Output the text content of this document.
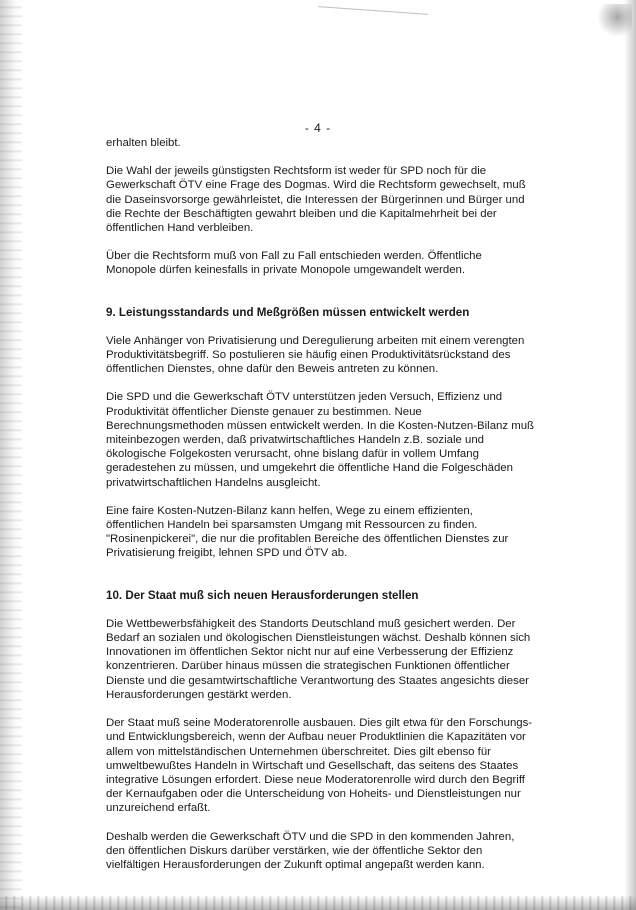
- 4 -

erhalten bleibt.

Die Wahl der jeweils günstigsten Rechtsform ist weder für SPD noch für die Gewerkschaft ÖTV eine Frage des Dogmas. Wird die Rechtsform gewechselt, muß die Daseinsvorsorge gewährleistet, die Interessen der Bürgerinnen und Bürger und die Rechte der Beschäftigten gewahrt bleiben und die Kapitalmehrheit bei der öffentlichen Hand verbleiben.

Über die Rechtsform muß von Fall zu Fall entschieden werden. Öffentliche Monopole dürfen keinesfalls in private Monopole umgewandelt werden.

9. Leistungsstandards und Meßgrößen müssen entwickelt werden

Viele Anhänger von Privatisierung und Deregulierung arbeiten mit einem verengten Produktivitätsbegriff. So postulieren sie häufig einen Produktivitätsrückstand des öffentlichen Dienstes, ohne dafür den Beweis antreten zu können.

Die SPD und die Gewerkschaft ÖTV unterstützen jeden Versuch, Effizienz und Produktivität öffentlicher Dienste genauer zu bestimmen. Neue Berechnungsmethoden müssen entwickelt werden. In die Kosten-Nutzen-Bilanz muß miteinbezogen werden, daß privatwirtschaftliches Handeln z.B. soziale und ökologische Folgekosten verursacht, ohne bislang dafür in vollem Umfang geradestehen zu müssen, und umgekehrt die öffentliche Hand die Folgeschäden privatwirtschaftlichen Handelns ausgleicht.

Eine faire Kosten-Nutzen-Bilanz kann helfen, Wege zu einem effizienten, öffentlichen Handeln bei sparsamsten Umgang mit Ressourcen zu finden. "Rosinenpickerei", die nur die profitablen Bereiche des öffentlichen Dienstes zur Privatisierung freigibt, lehnen SPD und ÖTV ab.

10. Der Staat muß sich neuen Herausforderungen stellen

Die Wettbewerbsfähigkeit des Standorts Deutschland muß gesichert werden. Der Bedarf an sozialen und ökologischen Dienstleistungen wächst. Deshalb können sich Innovationen im öffentlichen Sektor nicht nur auf eine Verbesserung der Effizienz konzentrieren. Darüber hinaus müssen die strategischen Funktionen öffentlicher Dienste und die gesamtwirtschaftliche Verantwortung des Staates angesichts dieser Herausforderungen gestärkt werden.

Der Staat muß seine Moderatorenrolle ausbauen. Dies gilt etwa für den Forschungs- und Entwicklungsbereich, wenn der Aufbau neuer Produktlinien die Kapazitäten vor allem von mittelständischen Unternehmen überschreitet. Dies gilt ebenso für umweltbewußtes Handeln in Wirtschaft und Gesellschaft, das seitens des Staates integrative Lösungen erfordert. Diese neue Moderatorenrolle wird durch den Begriff der Kernaufgaben oder die Unterscheidung von Hoheits- und Dienstleistungen nur unzureichend erfaßt.

Deshalb werden die Gewerkschaft ÖTV und die SPD in den kommenden Jahren, den öffentlichen Diskurs darüber verstärken, wie der öffentliche Sektor den vielfältigen Herausforderungen der Zukunft optimal angepaßt werden kann.
